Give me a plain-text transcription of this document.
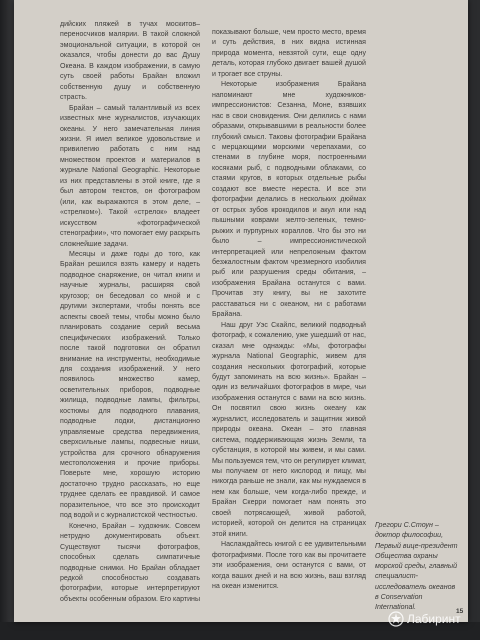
дийских пляжей в тучах москитов–переносчиков малярии. В такой сложной эмоциональной ситуации, в которой он оказался, чтобы донести до вас Душу Океана. В каждом изображении, в самую суть своей работы Брайан вложил собственную душу и собственную страсть.

Брайан – самый талантливый из всех известных мне журналистов, изучающих океаны. У него замечательная линия жизни. Я имел великое удовольствие и привилегию работать с ним над множеством проектов и материалов в журнале National Geographic. Некоторые из них представлены в этой книге, где я был автором текстов, он фотографом (или, как выражаются в этом деле, – «стрелком»). Такой «стрелок» владеет искусством «фотографической стенографии», что помогает ему раскрыть сложнейшие задачи.

Месяцы и даже годы до того, как Брайан решился взять камеру и надеть подводное снаряжение, он читал книги и научные журналы, расширяя свой кругозор; он беседовал со мной и с другими экспертами, чтобы понять все аспекты своей темы, чтобы можно было планировать создание серий весьма специфических изображений. Только после такой подготовки он обратил внимание на инструменты, необходимые для создания изображений. У него появилось множество камер, осветительных приборов, подводные жилища, подводные лампы, фильтры, костюмы для подводного плавания, подводные лодки, дистанционно управляемые средства передвижения, сверхсильные лампы, подвесные ниши, устройства для срочного обнаружения местоположения и прочие приборы. Поверьте мне, хорошую историю достаточно трудно рассказать, но еще труднее сделать ее правдивой. И самое поразительное, что все это происходит под водой и с журналистской честностью.

Конечно, Брайан – художник. Совсем нетрудно документировать объект. Существуют тысячи фотографов, способных сделать симпатичные подводные снимки. Но Брайан обладает редкой способностью создавать фотографии, которые интерпретируют объекты особенным образом. Его картины

показывают больше, чем просто место, время и суть действия, в них видна истинная природа момента, невзятой сути, еще одну деталь, которая глубоко двигает вашей душой и трогает все струны.

Некоторые изображения Брайана напоминают мне художников-импрессионистов: Сезанна, Моне, взявших нас в свои сновидения. Они делились с нами образами, открывавшими в реальности более глубокий смысл. Таковы фотографии Брайана с мерцающими морскими черепахами, со стенами в глубине моря, построенными косяками рыб, с подводными облаками, со стаями кругов, в которых отдельные рыбы создают все вместе нереста. И все эти фотографии делались в нескольких дюймах от острых зубов крокодилов и акул или над пышными коврами желто-зеленых, темно-рыжих и пурпурных кораллов. Что бы это ни было – импрессионистической интерпретацией или непреложным фактом безжалостным фактом чрезмерного изобилия рыб или разрушения среды обитания, – изображения Брайана останутся с вами. Прочитав эту книгу, вы не захотите расставаться ни с океаном, ни с работами Брайана.

Наш друг Уэс Скайлс, великий подводный фотограф, к сожалению, уже ушедший от нас, сказал мне однажды: «Мы, фотографы журнала National Geographic, живем для создания нескольких фотографий, которые будут запоминать на всю жизнь». Брайан – один из величайших фотографов в мире, чьи изображения останутся с вами на всю жизнь. Он посвятил свою жизнь океану как журналист, исследователь и защитник живой природы океана. Океан – это главная система, поддерживающая жизнь Земли, та субстанция, в которой мы живем, и мы сами. Мы пользуемся тем, что он регулирует климат, мы получаем от него кислород и пищу, мы никогда раньше не знали, как мы нуждаемся в нем как больше, чем когда-либо прежде, и Брайан Скерри помогает нам понять это своей потрясающей, живой работой, историей, которой он делится на страницах этой книги.

Наслаждайтесь книгой с ее удивительными фотографиями. После того как вы прочитаете эти изображения, они останутся с вами, от когда ваших дней и на всю жизнь, ваш взгляд на океан изменится.

Грегори С.Стоун –

доктор философии,

Первый вице-президент Общества охраны морской среды, главный специалист-исследователь океанов

в Conservation International.

15
Лабиринт
